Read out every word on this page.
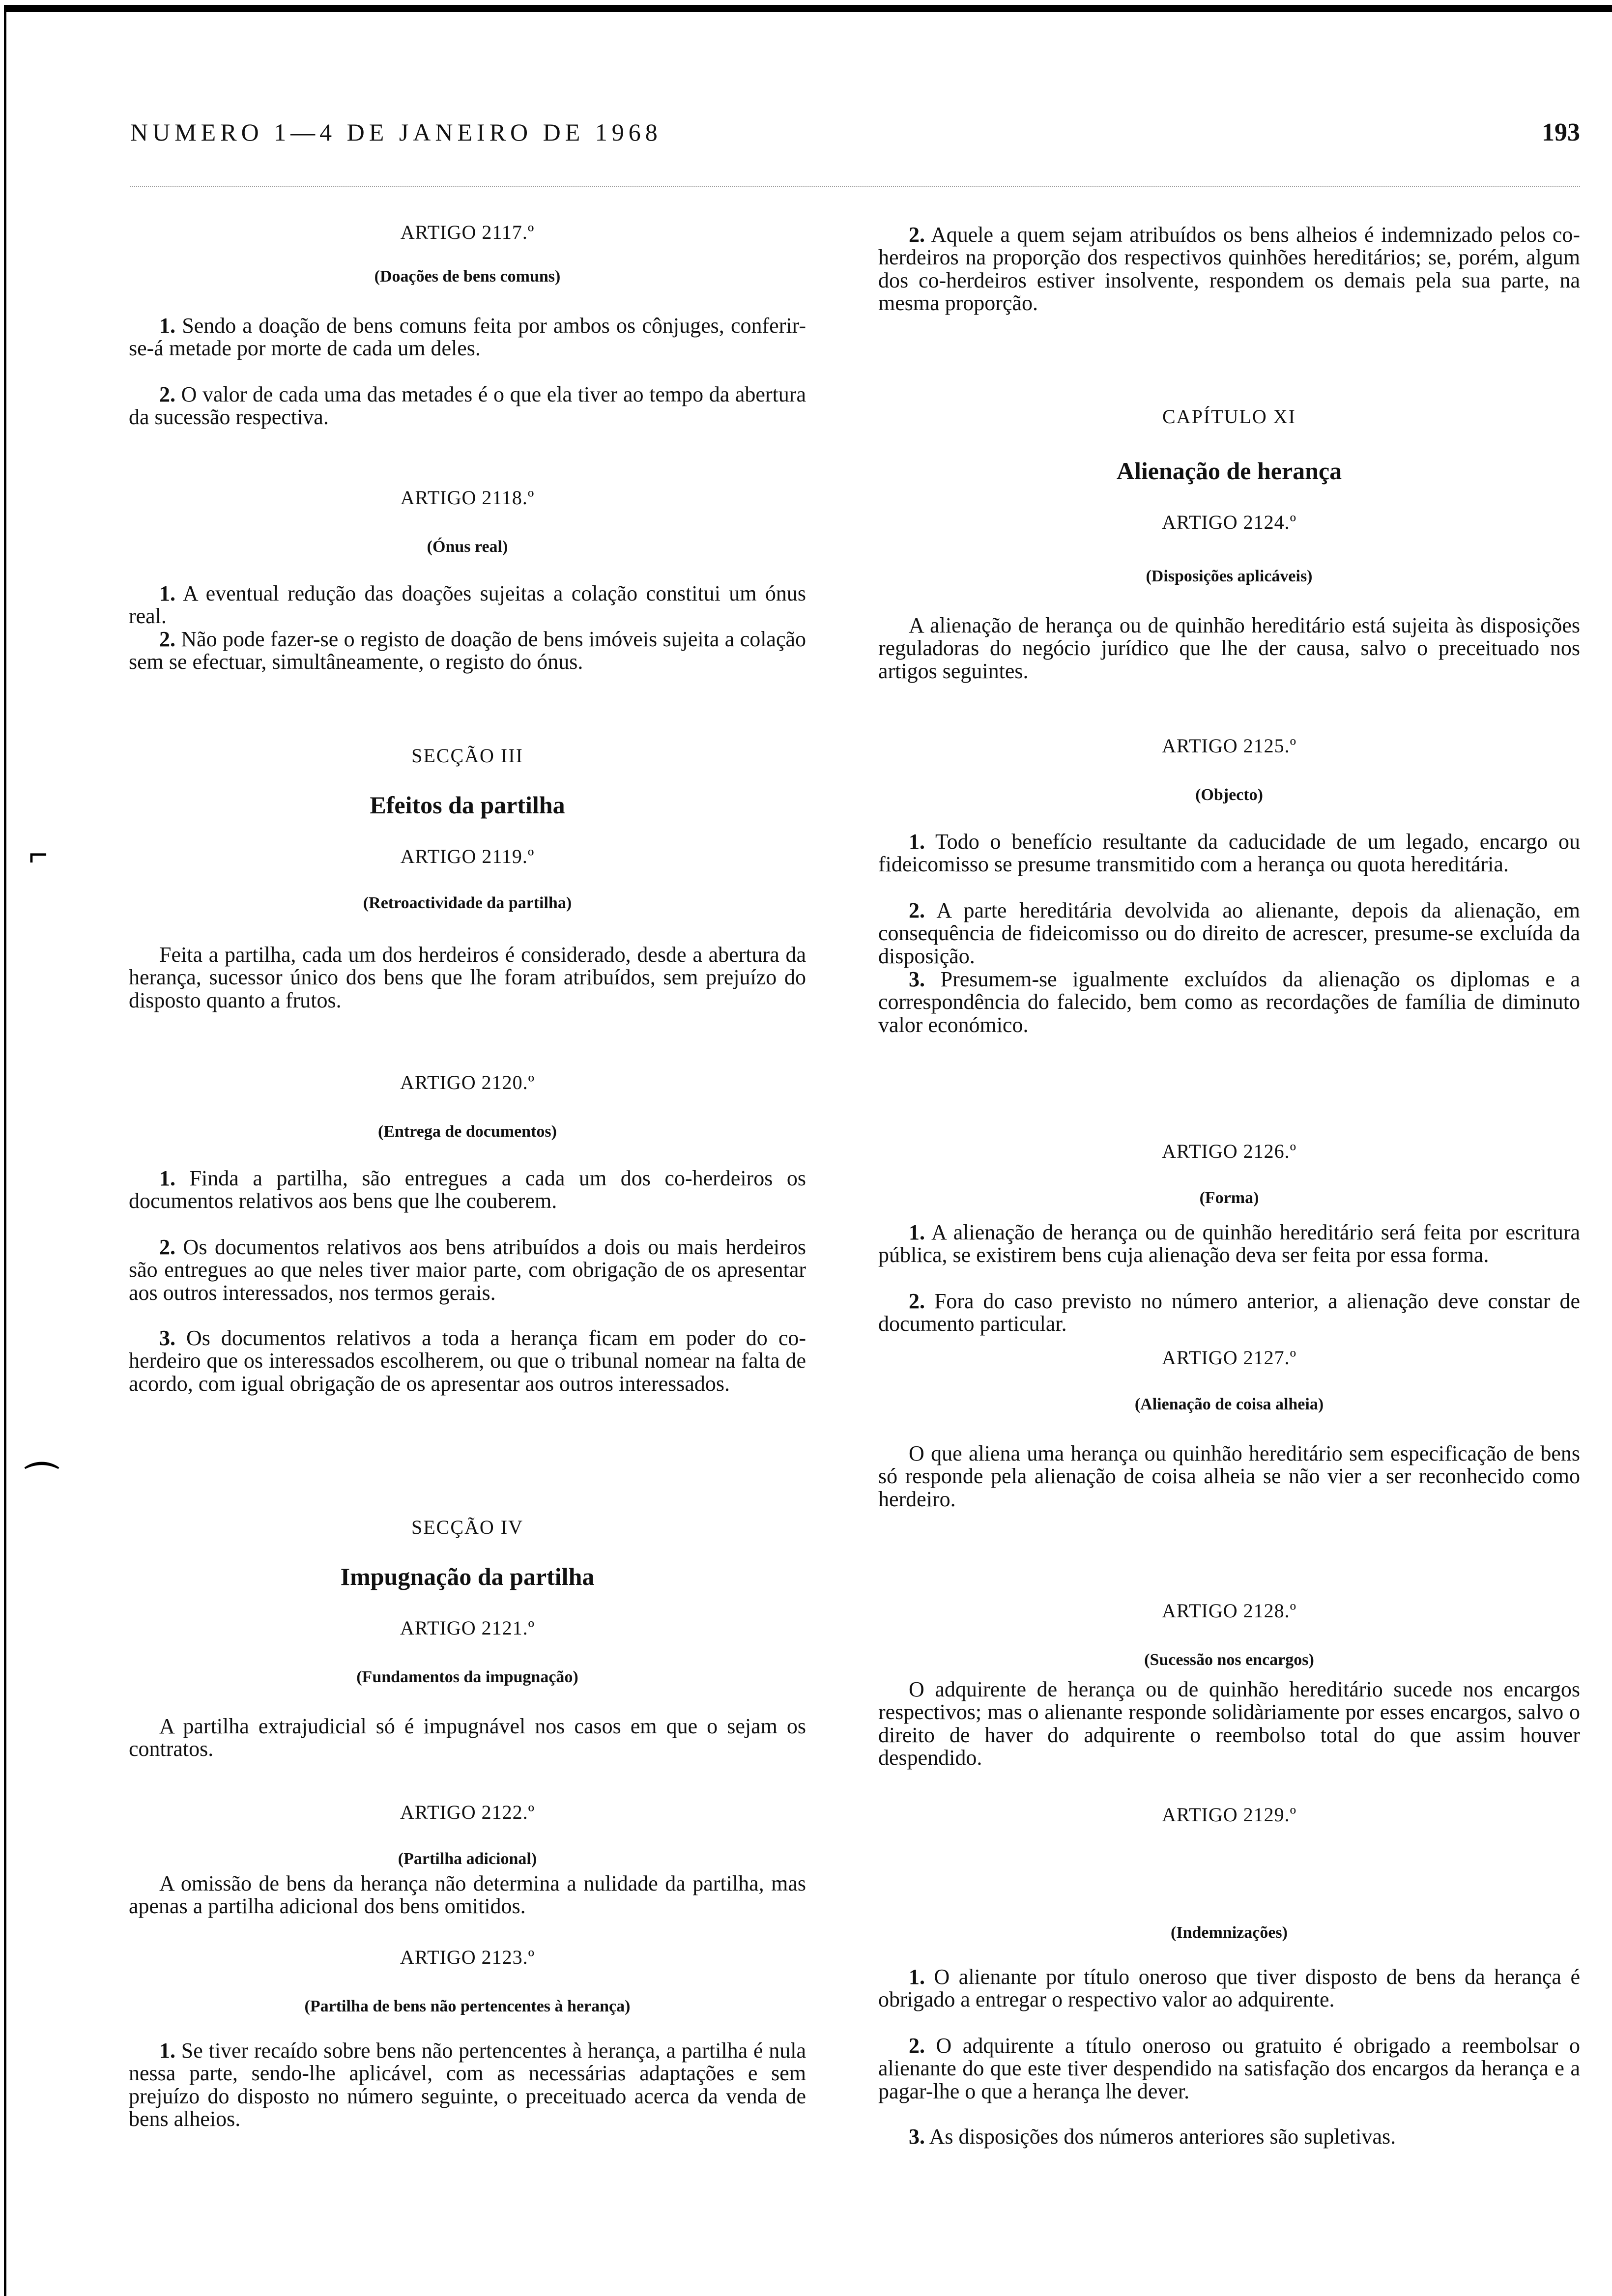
NUMERO 1—4 DE JANEIRO DE 1968	193
⌐
⌒
ARTIGO 2117.º
(Doações de bens comuns)

1. Sendo a doação de bens comuns feita por ambos os cônjuges, conferir-se-á metade por morte de cada um deles.

2. O valor de cada uma das metades é o que ela tiver ao tempo da abertura da sucessão respectiva.

ARTIGO 2118.º
(Ónus real)

1. A eventual redução das doações sujeitas a colação constitui um ónus real.

2. Não pode fazer-se o registo de doação de bens imóveis sujeita a colação sem se efectuar, simultâneamente, o registo do ónus.

SECÇÃO III
Efeitos da partilha
ARTIGO 2119.º
(Retroactividade da partilha)

Feita a partilha, cada um dos herdeiros é considerado, desde a abertura da herança, sucessor único dos bens que lhe foram atribuídos, sem prejuízo do disposto quanto a frutos.

ARTIGO 2120.º
(Entrega de documentos)

1. Finda a partilha, são entregues a cada um dos co-herdeiros os documentos relativos aos bens que lhe couberem.

2. Os documentos relativos aos bens atribuídos a dois ou mais herdeiros são entregues ao que neles tiver maior parte, com obrigação de os apresentar aos outros interessados, nos termos gerais.

3. Os documentos relativos a toda a herança ficam em poder do co-herdeiro que os interessados escolherem, ou que o tribunal nomear na falta de acordo, com igual obrigação de os apresentar aos outros interessados.

SECÇÃO IV
Impugnação da partilha
ARTIGO 2121.º
(Fundamentos da impugnação)

A partilha extrajudicial só é impugnável nos casos em que o sejam os contratos.

ARTIGO 2122.º
(Partilha adicional)

A omissão de bens da herança não determina a nulidade da partilha, mas apenas a partilha adicional dos bens omitidos.

ARTIGO 2123.º
(Partilha de bens não pertencentes à herança)

1. Se tiver recaído sobre bens não pertencentes à herança, a partilha é nula nessa parte, sendo-lhe aplicável, com as necessárias adaptações e sem prejuízo do disposto no número seguinte, o preceituado acerca da venda de bens alheios.

2. Aquele a quem sejam atribuídos os bens alheios é indemnizado pelos co-herdeiros na proporção dos respectivos quinhões hereditários; se, porém, algum dos co-herdeiros estiver insolvente, respondem os demais pela sua parte, na mesma proporção.

CAPÍTULO XI
Alienação de herança
ARTIGO 2124.º
(Disposições aplicáveis)

A alienação de herança ou de quinhão hereditário está sujeita às disposições reguladoras do negócio jurídico que lhe der causa, salvo o preceituado nos artigos seguintes.

ARTIGO 2125.º
(Objecto)

1. Todo o benefício resultante da caducidade de um legado, encargo ou fideicomisso se presume transmitido com a herança ou quota hereditária.

2. A parte hereditária devolvida ao alienante, depois da alienação, em consequência de fideicomisso ou do direito de acrescer, presume-se excluída da disposição.

3. Presumem-se igualmente excluídos da alienação os diplomas e a correspondência do falecido, bem como as recordações de família de diminuto valor económico.

ARTIGO 2126.º
(Forma)

1. A alienação de herança ou de quinhão hereditário será feita por escritura pública, se existirem bens cuja alienação deva ser feita por essa forma.

2. Fora do caso previsto no número anterior, a alienação deve constar de documento particular.

ARTIGO 2127.º
(Alienação de coisa alheia)

O que aliena uma herança ou quinhão hereditário sem especificação de bens só responde pela alienação de coisa alheia se não vier a ser reconhecido como herdeiro.

ARTIGO 2128.º
(Sucessão nos encargos)

O adquirente de herança ou de quinhão hereditário sucede nos encargos respectivos; mas o alienante responde solidàriamente por esses encargos, salvo o direito de haver do adquirente o reembolso total do que assim houver despendido.

ARTIGO 2129.º
(Indemnizações)

1. O alienante por título oneroso que tiver disposto de bens da herança é obrigado a entregar o respectivo valor ao adquirente.

2. O adquirente a título oneroso ou gratuito é obrigado a reembolsar o alienante do que este tiver despendido na satisfação dos encargos da herança e a pagar-lhe o que a herança lhe dever.

3. As disposições dos números anteriores são supletivas.
